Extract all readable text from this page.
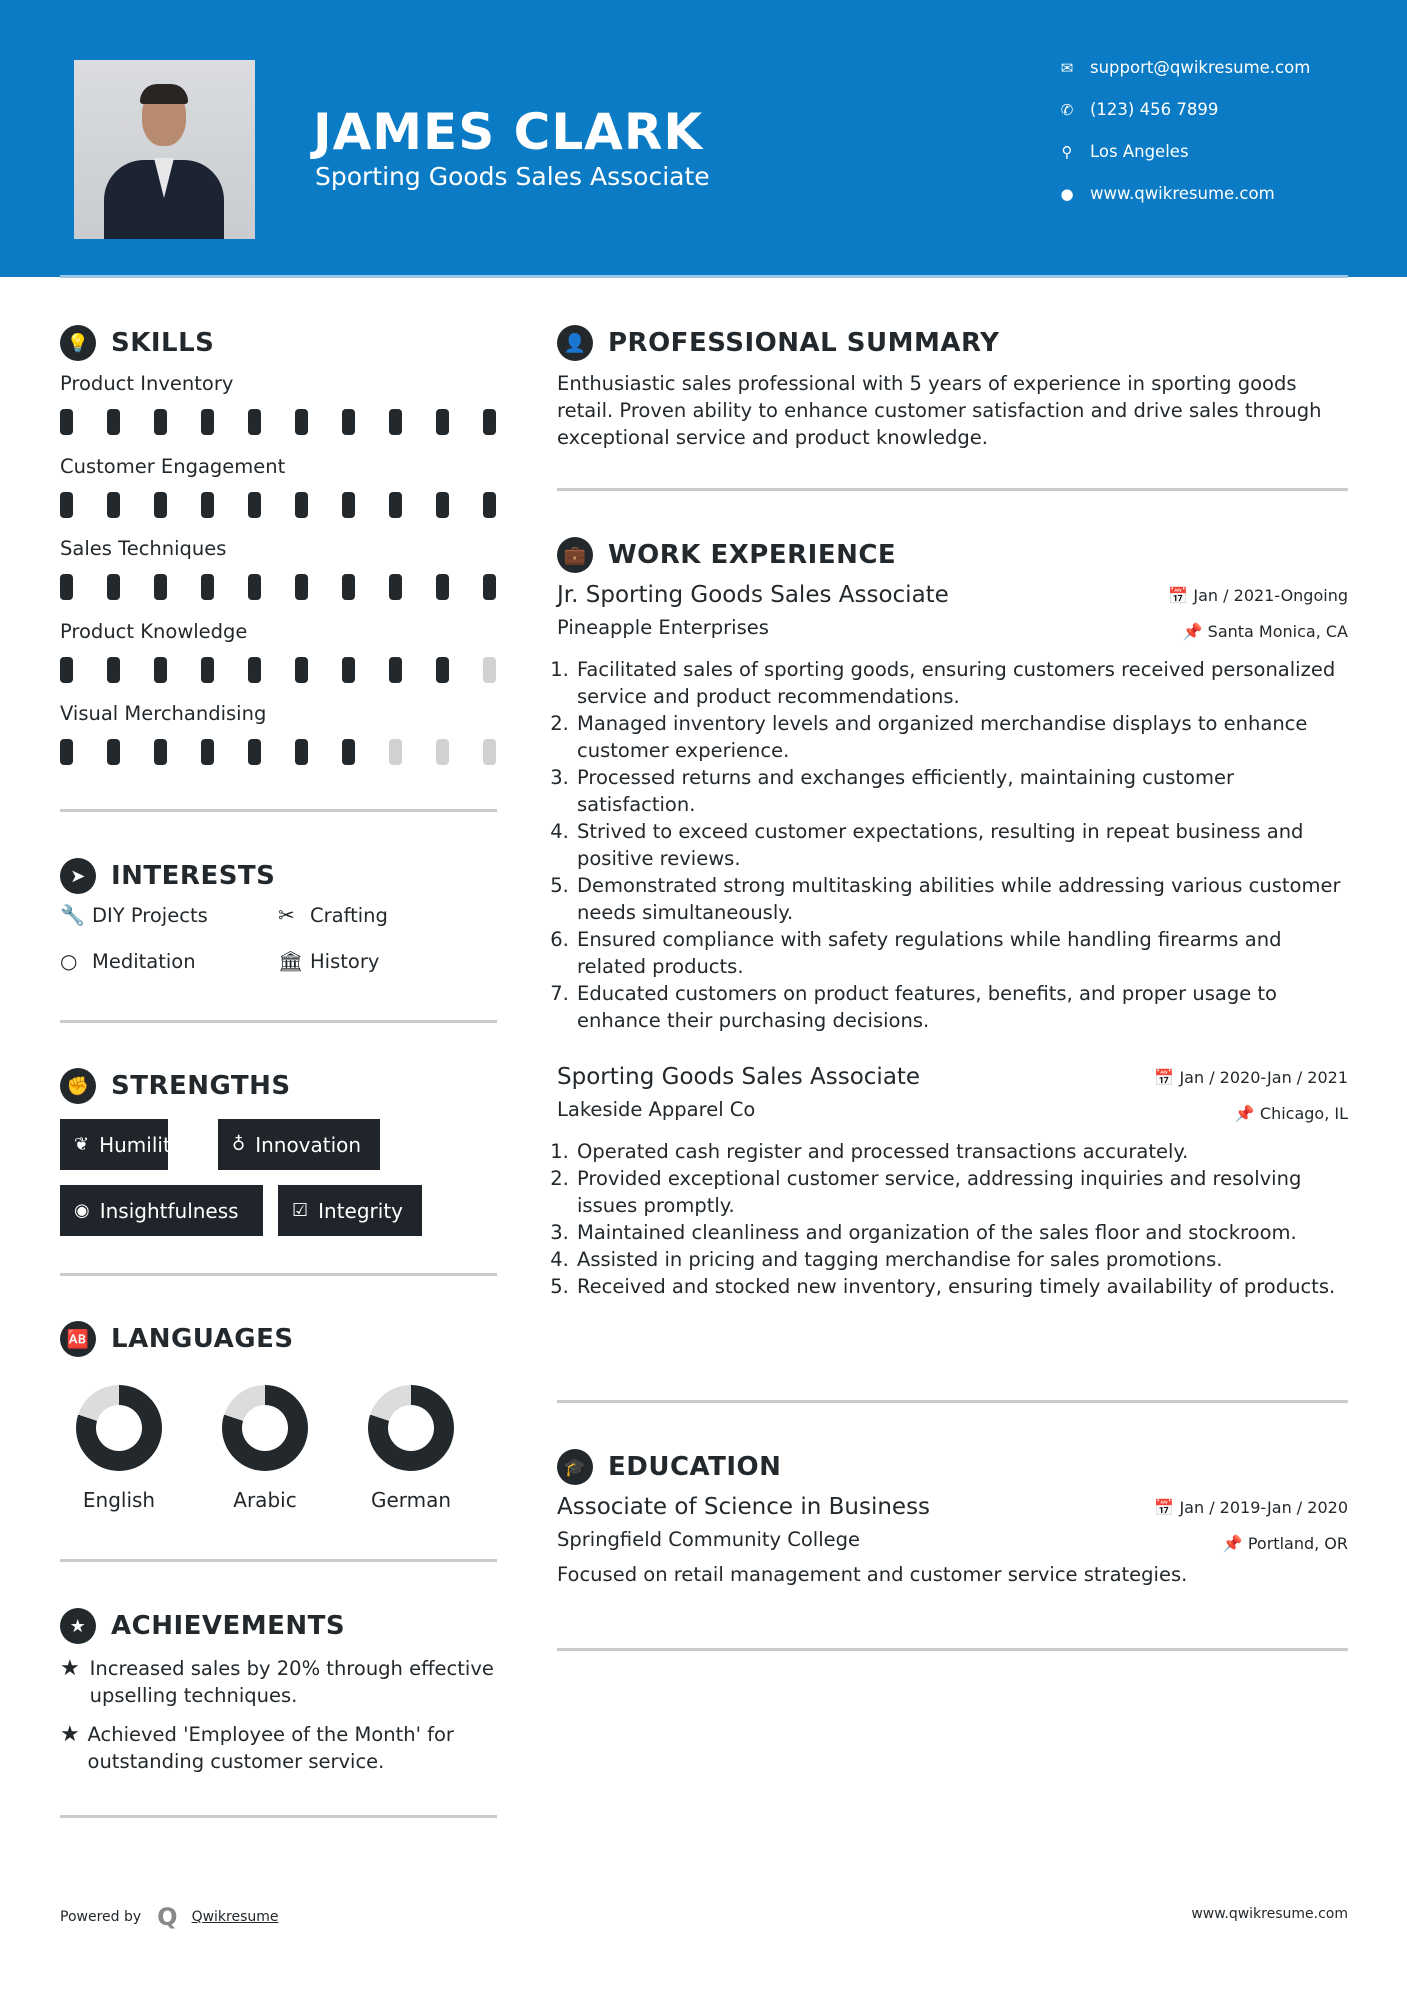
JAMES CLARK
Sporting Goods Sales Associate
✉	support@qwikresume.com
✆	(123) 456 7899
⚲	Los Angeles
● www.qwikresume.com
💡 SKILLS
Product Inventory
Customer Engagement
Sales Techniques
Product Knowledge
Visual Merchandising
➤ INTERESTS
🔧 DIY Projects	✂ Crafting
○ Meditation	🏛 History
✊ STRENGTHS
❦ Humility	♁ Innovation
◉ Insightfulness	☑ Integrity
🆎 LANGUAGES
English	Arabic	German
★ ACHIEVEMENTS
★ Increased sales by 20% through effective upselling techniques.
★ Achieved 'Employee of the Month' for outstanding customer service.
👤 PROFESSIONAL SUMMARY
Enthusiastic sales professional with 5 years of experience in sporting goods retail. Proven ability to enhance customer satisfaction and drive sales through exceptional service and product knowledge.
💼 WORK EXPERIENCE
Jr. Sporting Goods Sales Associate	📅 Jan / 2021-Ongoing
Pineapple Enterprises	📌 Santa Monica, CA
1. Facilitated sales of sporting goods, ensuring customers received personalized service and product recommendations.
2. Managed inventory levels and organized merchandise displays to enhance customer experience.
3. Processed returns and exchanges efficiently, maintaining customer satisfaction.
4. Strived to exceed customer expectations, resulting in repeat business and positive reviews.
5. Demonstrated strong multitasking abilities while addressing various customer needs simultaneously.
6. Ensured compliance with safety regulations while handling firearms and related products.
7. Educated customers on product features, benefits, and proper usage to enhance their purchasing decisions.
Sporting Goods Sales Associate	📅 Jan / 2020-Jan / 2021
Lakeside Apparel Co	📌 Chicago, IL
1. Operated cash register and processed transactions accurately.
2. Provided exceptional customer service, addressing inquiries and resolving issues promptly.
3. Maintained cleanliness and organization of the sales floor and stockroom.
4. Assisted in pricing and tagging merchandise for sales promotions.
5. Received and stocked new inventory, ensuring timely availability of products.
🎓 EDUCATION
Associate of Science in Business	📅 Jan / 2019-Jan / 2020
Springfield Community College	📌 Portland, OR
Focused on retail management and customer service strategies.
Powered by Q Qwikresume	www.qwikresume.com
